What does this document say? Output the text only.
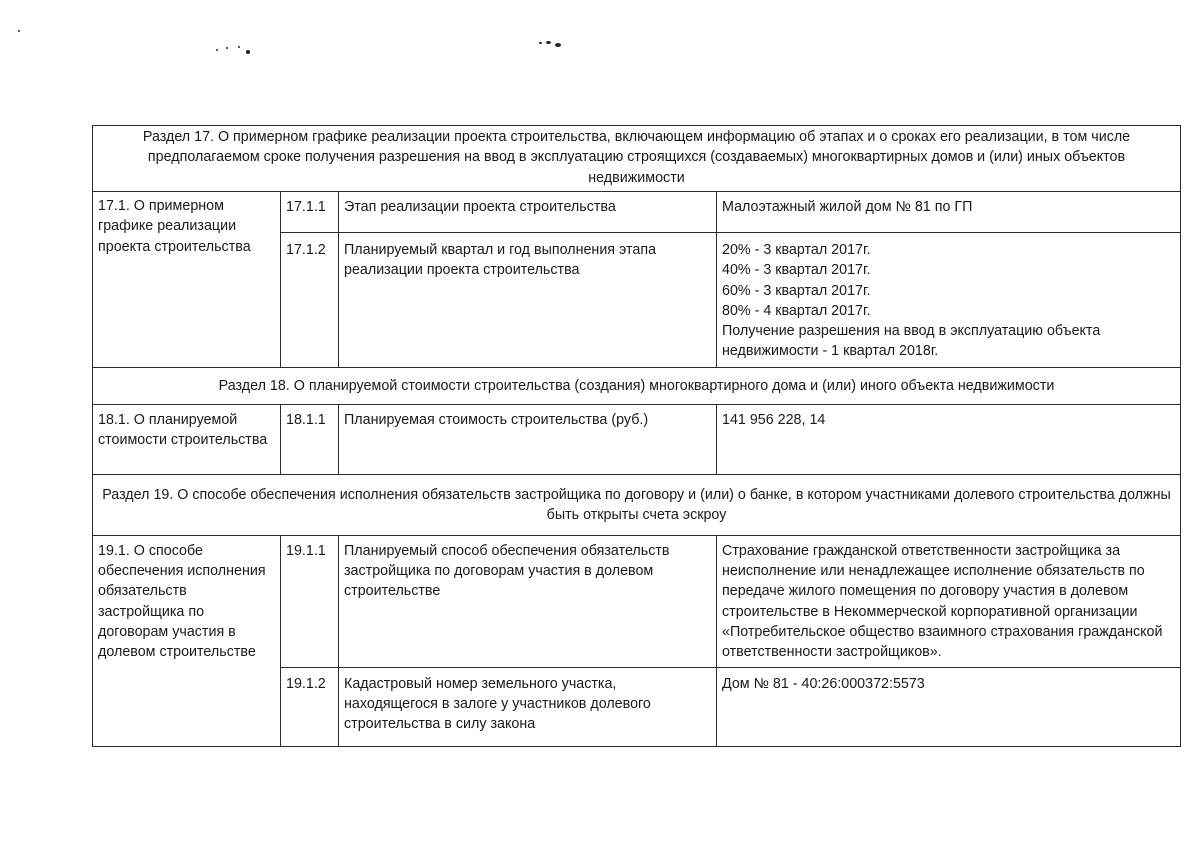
Раздел 17. О примерном графике реализации проекта строительства, включающем информацию об этапах и о сроках его реализации, в том числе предполагаемом сроке получения разрешения на ввод в эксплуатацию строящихся (создаваемых) многоквартирных домов и (или) иных объектов недвижимости			
17.1. О примерном графике реализации проекта строительства	17.1.1	Этап реализации проекта строительства	Малоэтажный жилой дом № 81 по ГП
	17.1.2	Планируемый квартал и год выполнения этапа реализации проекта строительства	20% - 3 квартал 2017г.
40% - 3 квартал 2017г.
60% - 3 квартал 2017г.
80% - 4 квартал 2017г.
Получение разрешения на ввод в эксплуатацию объекта недвижимости - 1 квартал 2018г.

Раздел 18. О планируемой стоимости строительства (создания) многоквартирного дома и (или) иного объекта недвижимости			
18.1. О планируемой стоимости строительства	18.1.1	Планируемая стоимость строительства (руб.)	141 956 228, 14
Раздел 19. О способе обеспечения исполнения обязательств застройщика по договору и (или) о банке, в котором участниками долевого строительства должны быть открыты счета эскроу			
19.1. О способе обеспечения исполнения обязательств застройщика по договорам участия в долевом строительстве	19.1.1	Планируемый способ обеспечения обязательств застройщика по договорам участия в долевом строительстве	Страхование гражданской ответственности застройщика за неисполнение или ненадлежащее исполнение обязательств по передаче жилого помещения по договору участия в долевом строительстве в Некоммерческой корпоративной организации «Потребительское общество взаимного страхования гражданской ответственности застройщиков».
	19.1.2	Кадастровый номер земельного участка, находящегося в залоге у участников долевого строительства в силу закона	Дом № 81 - 40:26:000372:5573
